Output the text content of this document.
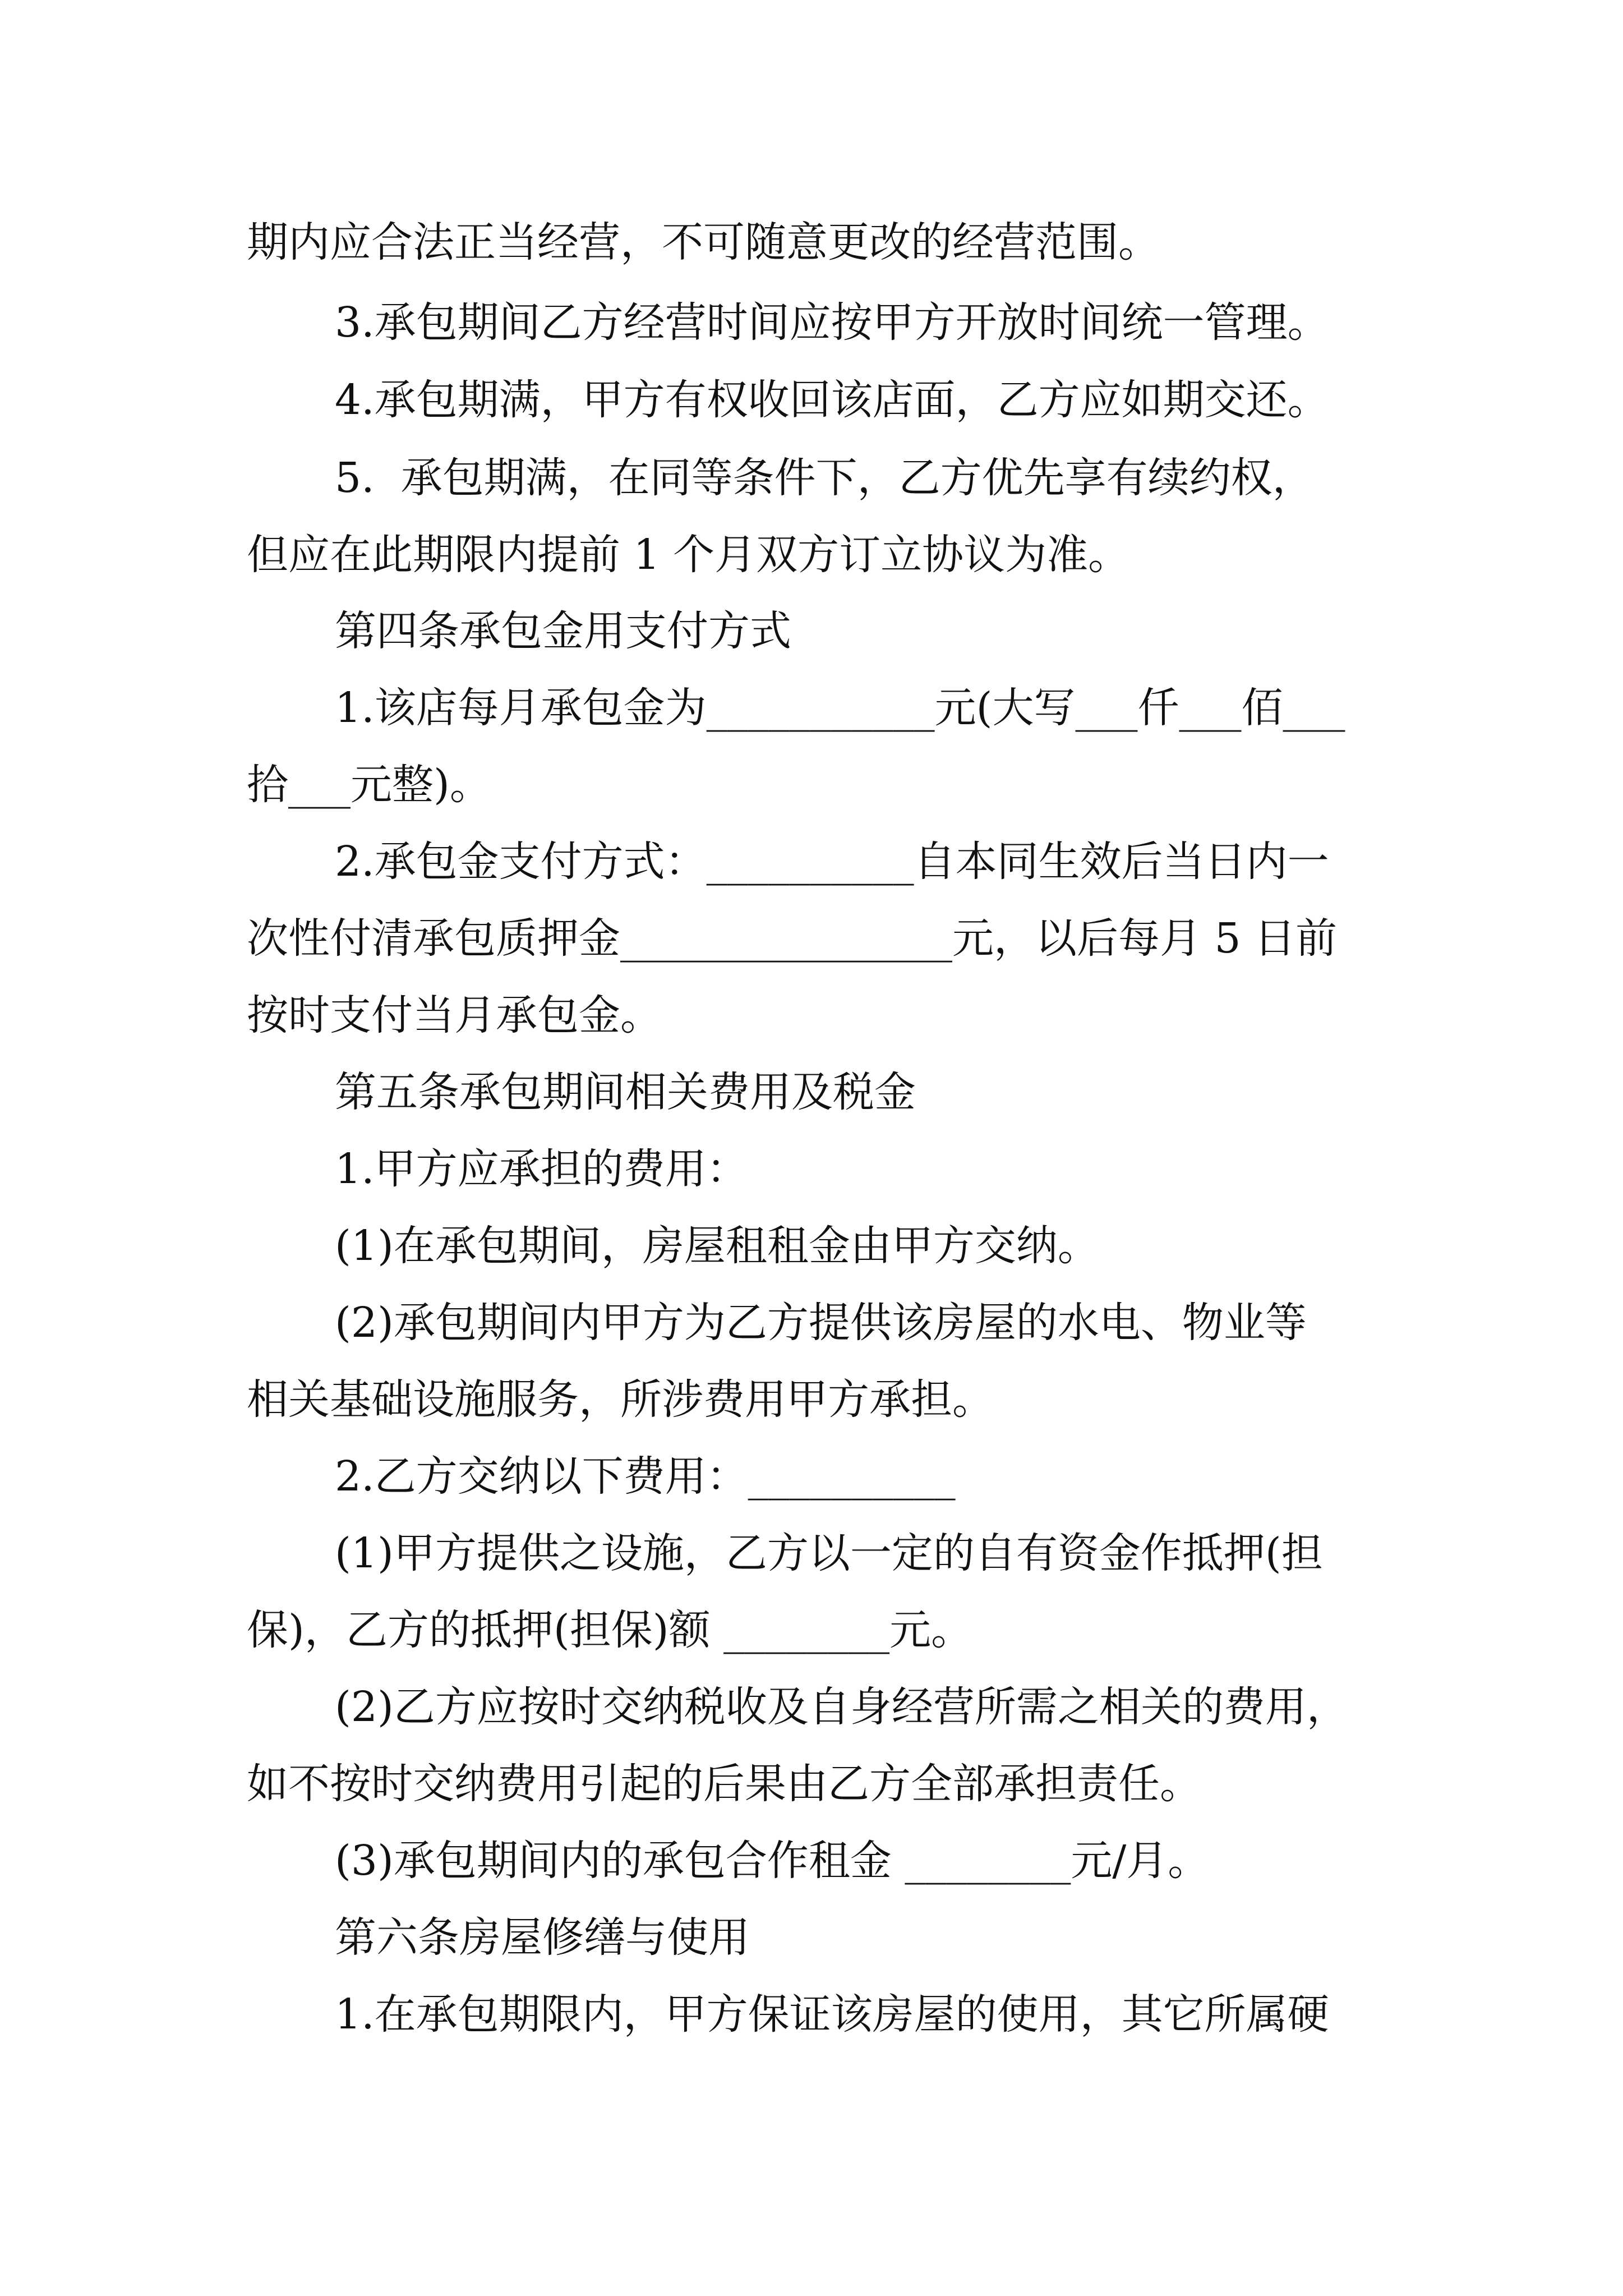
期内应合法正当经营，不可随意更改的经营范围。
3.承包期间乙方经营时间应按甲方开放时间统一管理。
4.承包期满，甲方有权收回该店面，乙方应如期交还。
5.  承包期满，在同等条件下，乙方优先享有续约权，
但应在此期限内提前 1 个月双方订立协议为准。
第四条承包金用支付方式
1.该店每月承包金为___________元(大写___仟___佰___
拾___元整)。
2.承包金支付方式：__________自本同生效后当日内一
次性付清承包质押金________________元，以后每月 5 日前
按时支付当月承包金。
第五条承包期间相关费用及税金
1.甲方应承担的费用：
(1)在承包期间，房屋租租金由甲方交纳。
(2)承包期间内甲方为乙方提供该房屋的水电、物业等
相关基础设施服务，所涉费用甲方承担。
2.乙方交纳以下费用：__________
(1)甲方提供之设施，乙方以一定的自有资金作抵押(担
保)，乙方的抵押(担保)额 ________元。
(2)乙方应按时交纳税收及自身经营所需之相关的费用，
如不按时交纳费用引起的后果由乙方全部承担责任。
(3)承包期间内的承包合作租金 ________元/月。
第六条房屋修缮与使用
1.在承包期限内，甲方保证该房屋的使用，其它所属硬
